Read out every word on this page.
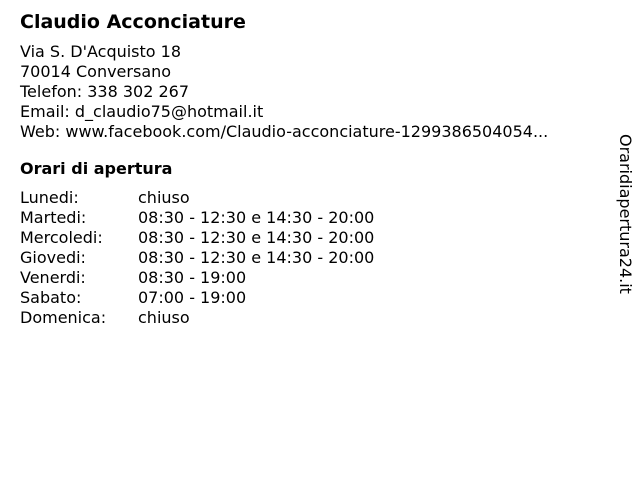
Claudio Acconciature
Via S. D'Acquisto 18
70014 Conversano
Telefon: 338 302 267
Email: d_claudio75@hotmail.it
Web: www.facebook.com/Claudio-acconciature-1299386504054...
Orari di apertura
Lunedi:	chiuso
Martedi:	08:30 - 12:30 e 14:30 - 20:00
Mercoledi:	08:30 - 12:30 e 14:30 - 20:00
Giovedi:	08:30 - 12:30 e 14:30 - 20:00
Venerdi:	08:30 - 19:00
Sabato:	07:00 - 19:00
Domenica:	chiuso
Oraridiapertura24.it
